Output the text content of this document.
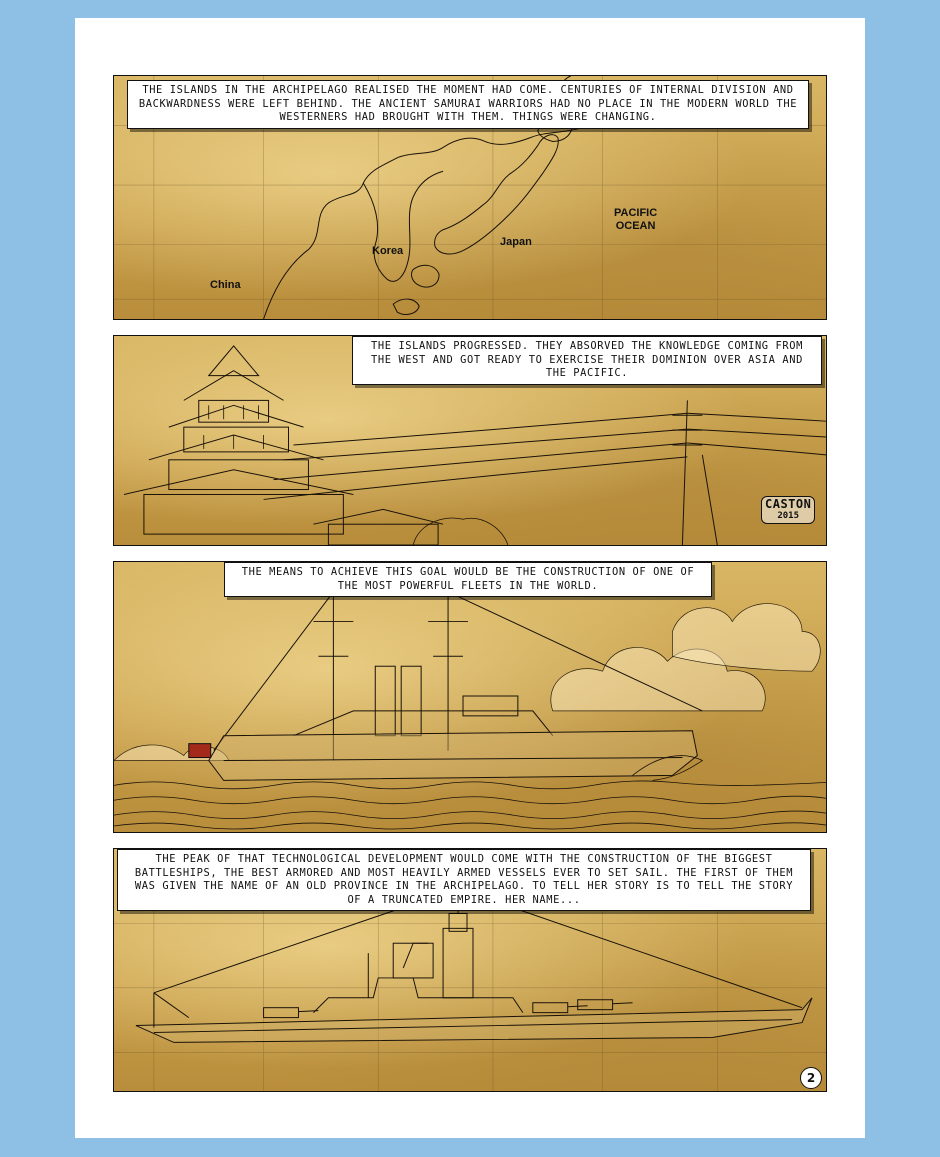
China
Korea
Japan
PACIFIC
OCEAN
THE ISLANDS IN THE ARCHIPELAGO REALISED THE MOMENT HAD COME. CENTURIES OF INTERNAL DIVISION AND BACKWARDNESS WERE LEFT BEHIND. THE ANCIENT SAMURAI WARRIORS HAD NO PLACE IN THE MODERN WORLD THE WESTERNERS HAD BROUGHT WITH THEM. THINGS WERE CHANGING.
THE ISLANDS PROGRESSED. THEY ABSORVED THE KNOWLEDGE COMING FROM THE WEST AND GOT READY TO EXERCISE THEIR DOMINION OVER ASIA AND THE PACIFIC.
CASTON
2015
THE MEANS TO ACHIEVE THIS GOAL WOULD BE THE CONSTRUCTION OF ONE OF THE MOST POWERFUL FLEETS IN THE WORLD.
THE PEAK OF THAT TECHNOLOGICAL DEVELOPMENT WOULD COME WITH THE CONSTRUCTION OF THE BIGGEST BATTLESHIPS, THE BEST ARMORED AND MOST HEAVILY ARMED VESSELS EVER TO SET SAIL. THE FIRST OF THEM WAS GIVEN THE NAME OF AN OLD PROVINCE IN THE ARCHIPELAGO. TO TELL HER STORY IS TO TELL THE STORY OF A TRUNCATED EMPIRE. HER NAME...
2
